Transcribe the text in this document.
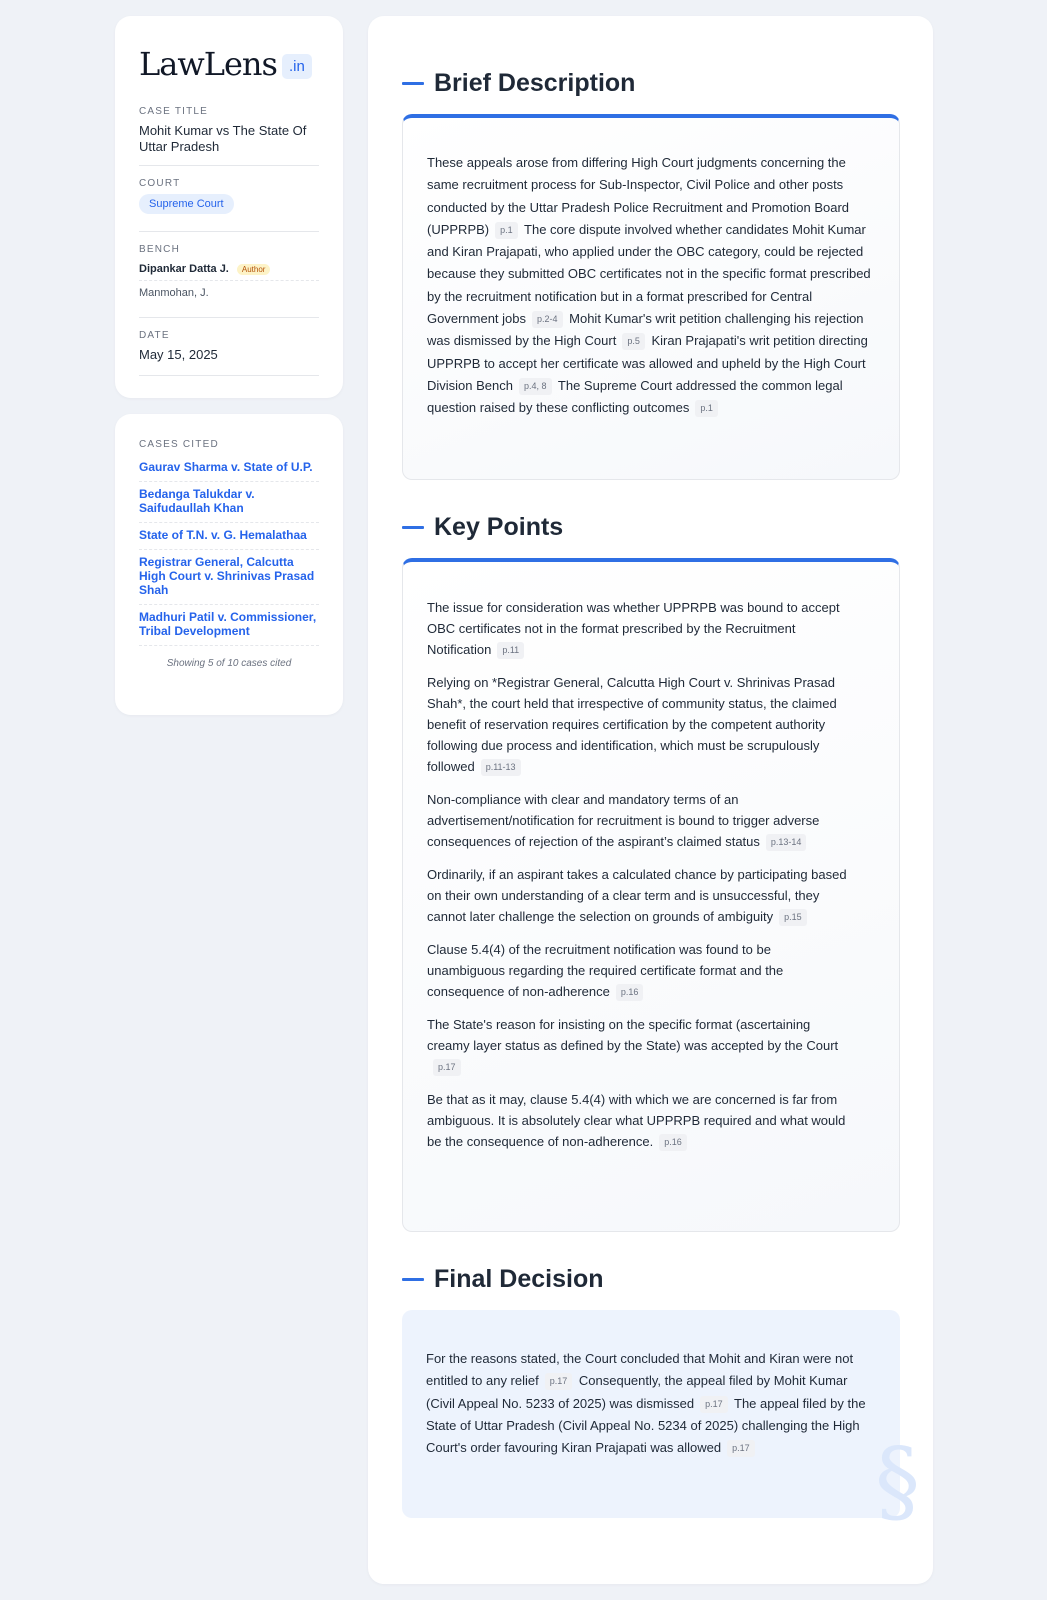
LawLens .in
CASE TITLE
Mohit Kumar vs The State Of Uttar Pradesh
COURT
Supreme Court
BENCH
Dipankar Datta J.	Author
Manmohan, J.
DATE
May 15, 2025
CASES CITED
Gaurav Sharma v. State of U.P.
Bedanga Talukdar v. Saifudaullah Khan
State of T.N. v. G. Hemalathaa
Registrar General, Calcutta High Court v. Shrinivas Prasad Shah
Madhuri Patil v. Commissioner, Tribal Development
Showing 5 of 10 cases cited
Brief Description
These appeals arose from differing High Court judgments concerning the same recruitment process for Sub-Inspector, Civil Police and other posts conducted by the Uttar Pradesh Police Recruitment and Promotion Board (UPPRPB) p.1 The core dispute involved whether candidates Mohit Kumar and Kiran Prajapati, who applied under the OBC category, could be rejected because they submitted OBC certificates not in the specific format prescribed by the recruitment notification but in a format prescribed for Central Government jobs p.2-4 Mohit Kumar's writ petition challenging his rejection was dismissed by the High Court p.5 Kiran Prajapati's writ petition directing UPPRPB to accept her certificate was allowed and upheld by the High Court Division Bench p.4, 8 The Supreme Court addressed the common legal question raised by these conflicting outcomes p.1
Key Points
The issue for consideration was whether UPPRPB was bound to accept OBC certificates not in the format prescribed by the Recruitment Notification p.11
Relying on *Registrar General, Calcutta High Court v. Shrinivas Prasad Shah*, the court held that irrespective of community status, the claimed benefit of reservation requires certification by the competent authority following due process and identification, which must be scrupulously followed p.11-13
Non-compliance with clear and mandatory terms of an advertisement/notification for recruitment is bound to trigger adverse consequences of rejection of the aspirant’s claimed status p.13-14
Ordinarily, if an aspirant takes a calculated chance by participating based on their own understanding of a clear term and is unsuccessful, they cannot later challenge the selection on grounds of ambiguity p.15
Clause 5.4(4) of the recruitment notification was found to be unambiguous regarding the required certificate format and the consequence of non-adherence p.16
The State's reason for insisting on the specific format (ascertaining creamy layer status as defined by the State) was accepted by the Courtp.17
Be that as it may, clause 5.4(4) with which we are concerned is far from ambiguous. It is absolutely clear what UPPRPB required and what would be the consequence of non-adherence. p.16
Final Decision
For the reasons stated, the Court concluded that Mohit and Kiran were not entitled to any relief p.17 Consequently, the appeal filed by Mohit Kumar (Civil Appeal No. 5233 of 2025) was dismissed p.17 The appeal filed by the State of Uttar Pradesh (Civil Appeal No. 5234 of 2025) challenging the High Court's order favouring Kiran Prajapati was allowed p.17	§
